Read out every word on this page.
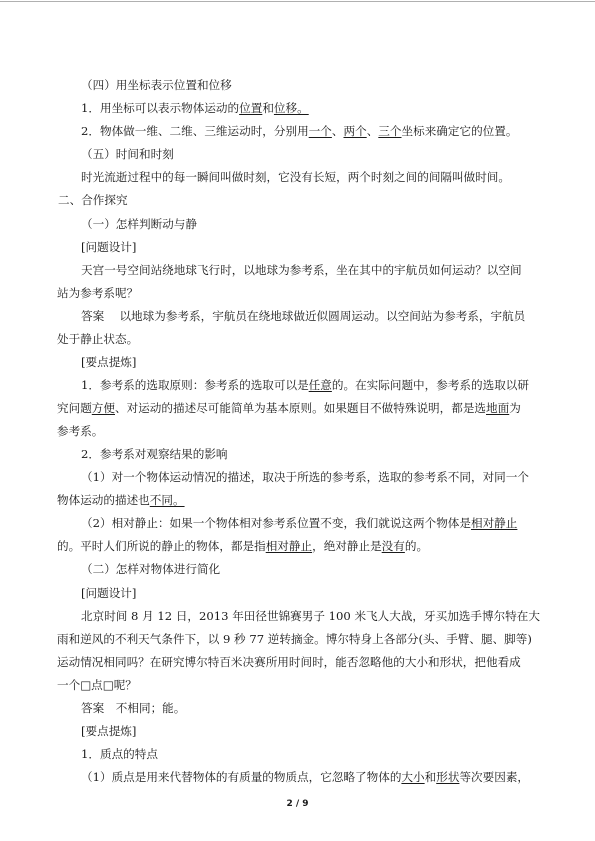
（四）用坐标表示位置和位移
1．用坐标可以表示物体运动的位置和位移。
2．物体做一维、二维、三维运动时，分别用一个、两个、三个坐标来确定它的位置。
（五）时间和时刻
时光流逝过程中的每一瞬间叫做时刻，它没有长短，两个时刻之间的间隔叫做时间。
二、合作探究
（一）怎样判断动与静
[问题设计]
天宫一号空间站绕地球飞行时，以地球为参考系，坐在其中的宇航员如何运动？以空间
站为参考系呢？
答案　 以地球为参考系，宇航员在绕地球做近似圆周运动。以空间站为参考系，宇航员
处于静止状态。
[要点提炼]
1．参考系的选取原则：参考系的选取可以是任意的。在实际问题中，参考系的选取以研
究问题方便、对运动的描述尽可能简单为基本原则。如果题目不做特殊说明，都是选地面为
参考系。
2．参考系对观察结果的影响
（1）对一个物体运动情况的描述，取决于所选的参考系，选取的参考系不同，对同一个
物体运动的描述也不同。
（2）相对静止：如果一个物体相对参考系位置不变，我们就说这两个物体是相对静止
的。平时人们所说的静止的物体，都是指相对静止，绝对静止是没有的。
（二）怎样对物体进行简化
[问题设计]
北京时间 8 月 12 日，2013 年田径世锦赛男子 100 米飞人大战，牙买加选手博尔特在大
雨和逆风的不利天气条件下，以 9 秒 77 逆转摘金。博尔特身上各部分(头、手臂、腿、脚等)
运动情况相同吗？在研究博尔特百米决赛所用时间时，能否忽略他的大小和形状，把他看成
一个□点□呢？
答案　不相同；能。
[要点提炼]
1．质点的特点
（1）质点是用来代替物体的有质量的物质点，它忽略了物体的大小和形状等次要因素，
2 / 9
